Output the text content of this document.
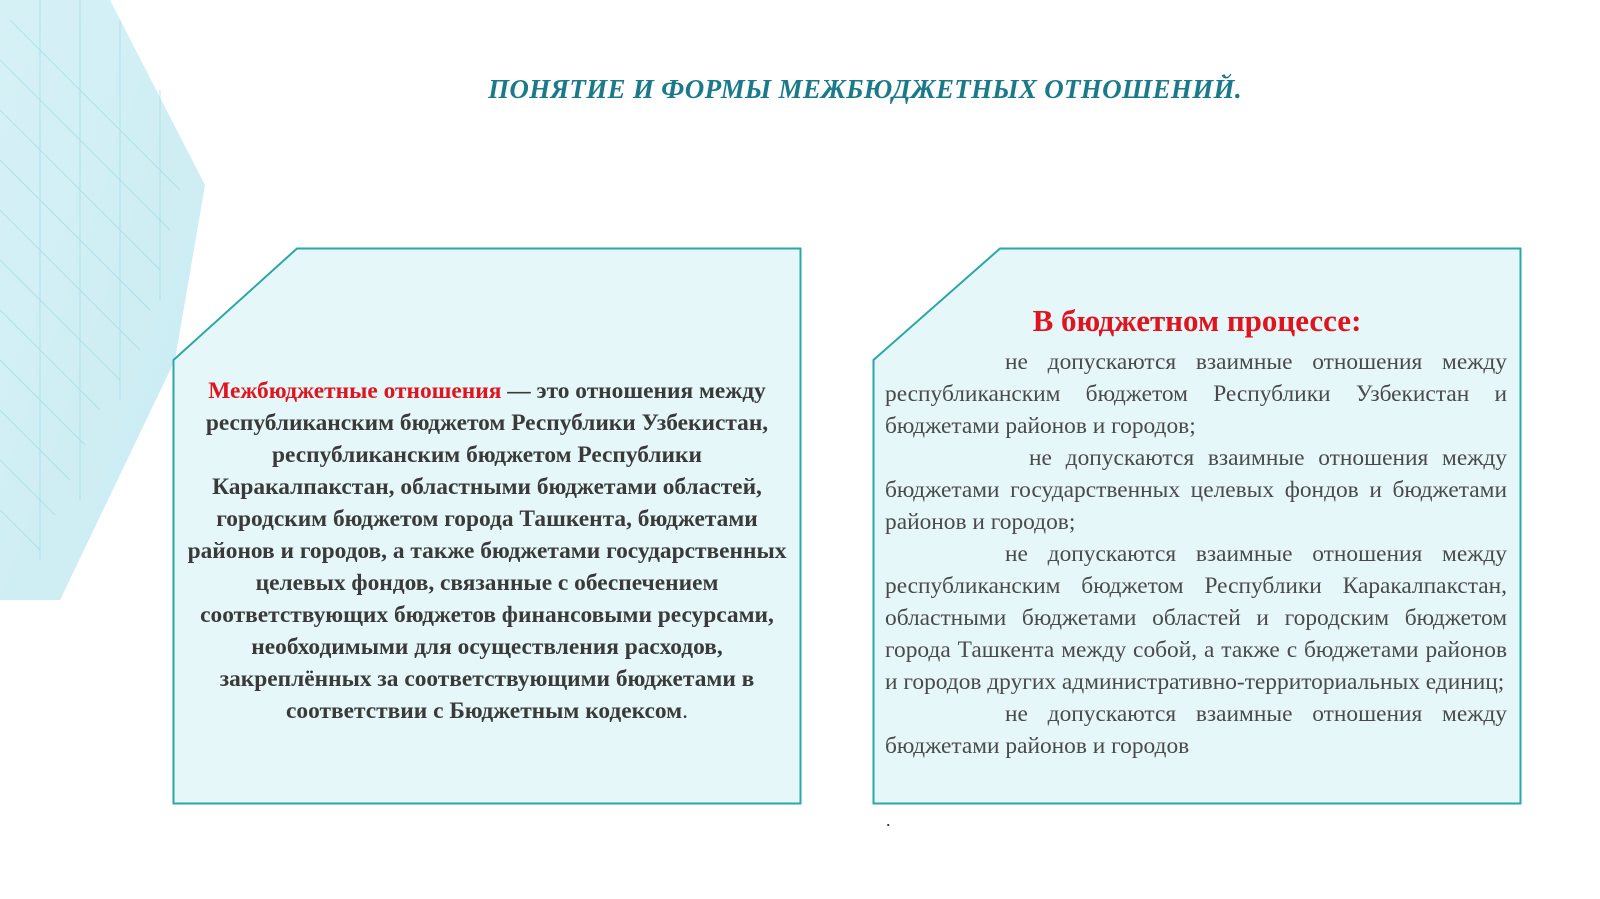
ПОНЯТИЕ И ФОРМЫ МЕЖБЮДЖЕТНЫХ ОТНОШЕНИЙ.
Межбюджетные отношения — это отношения между республиканским бюджетом Республики Узбекистан, республиканским бюджетом Республики Каракалпакстан, областными бюджетами областей, городским бюджетом города Ташкента, бюджетами районов и городов, а также бюджетами государственных целевых фондов, связанные с обеспечением соответствующих бюджетов финансовыми ресурсами, необходимыми для осуществления расходов, закреплённых за соответствующими бюджетами в соответствии с Бюджетным кодексом.
В бюджетном процессе:

не допускаются взаимные отношения между республиканским бюджетом Республики Узбекистан и бюджетами районов и городов;

не допускаются взаимные отношения между бюджетами государственных целевых фондов и бюджетами районов и городов;

не допускаются взаимные отношения между республиканским бюджетом Республики Каракалпакстан, областными бюджетами областей и городским бюджетом города Ташкента между собой, а также с бюджетами районов и городов других административно-территориальных единиц;

не допускаются взаимные отношения между бюджетами районов и городов

.
